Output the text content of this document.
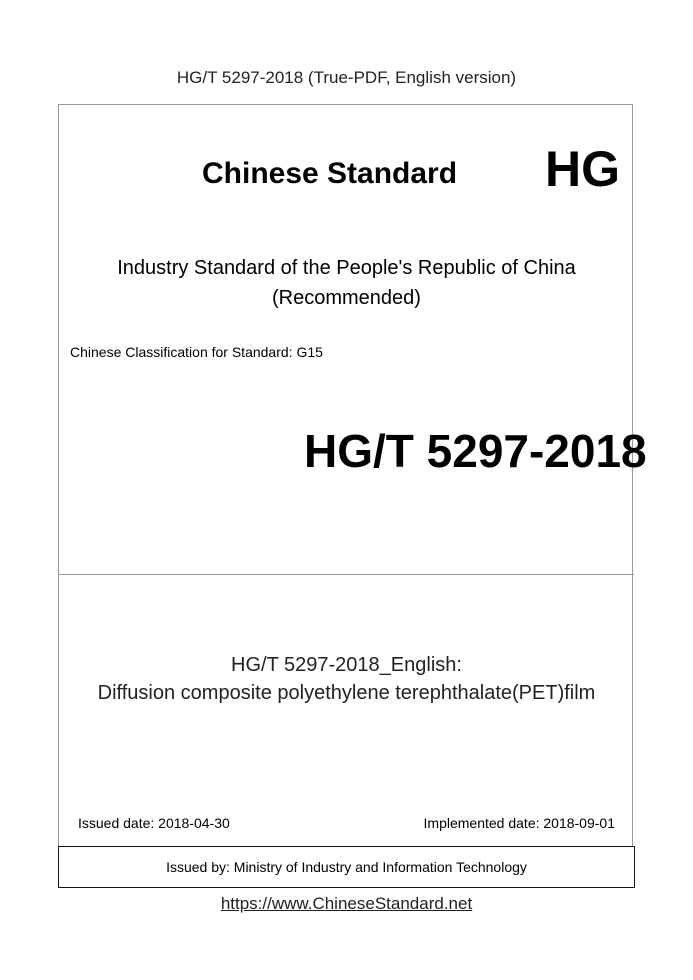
HG/T 5297-2018 (True-PDF, English version)
Chinese Standard HG
Industry Standard of the People's Republic of China
(Recommended)
Chinese Classification for Standard: G15
HG/T 5297-2018
HG/T 5297-2018_English:
Diffusion composite polyethylene terephthalate(PET)film
Issued date: 2018-04-30	Implemented date: 2018-09-01
Issued by: Ministry of Industry and Information Technology
https://www.ChineseStandard.net
